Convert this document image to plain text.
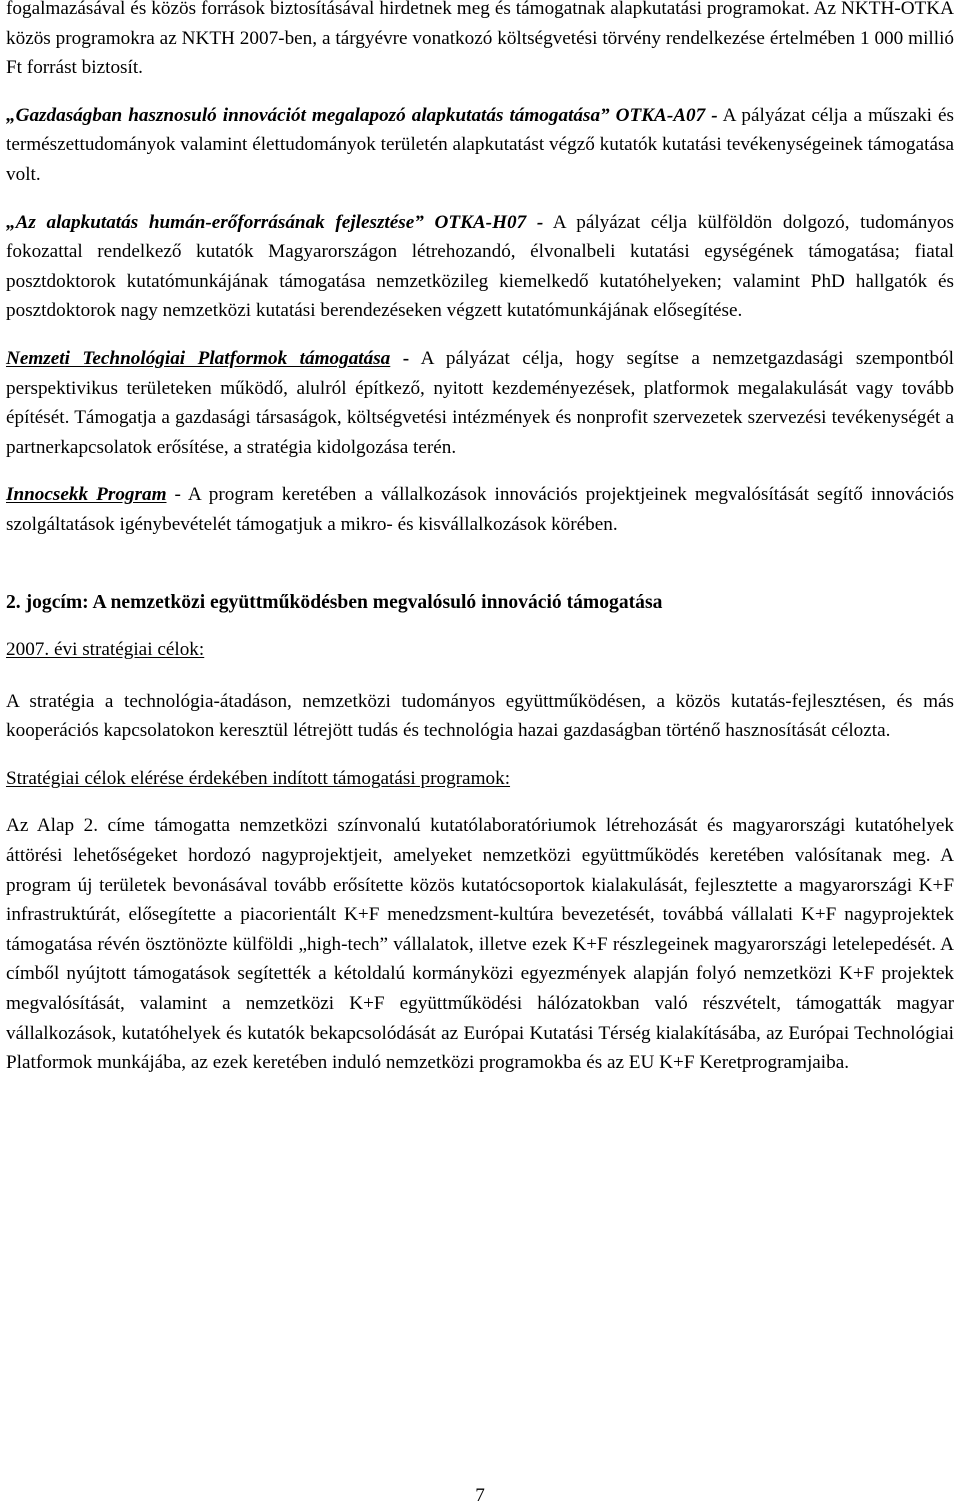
fogalmazásával és közös források biztosításával hirdetnek meg és támogatnak alapkutatási programokat. Az NKTH-OTKA közös programokra az NKTH 2007-ben, a tárgyévre vonatkozó költségvetési törvény rendelkezése értelmében 1 000 millió Ft forrást biztosít.

„Gazdaságban hasznosuló innovációt megalapozó alapkutatás támogatása” OTKA-A07 - A pályázat célja a műszaki és természettudományok valamint élettudományok területén alapkutatást végző kutatók kutatási tevékenységeinek támogatása volt.

„Az alapkutatás humán-erőforrásának fejlesztése” OTKA-H07 - A pályázat célja külföldön dolgozó, tudományos fokozattal rendelkező kutatók Magyarországon létrehozandó, élvonalbeli kutatási egységének támogatása; fiatal posztdoktorok kutatómunkájának támogatása nemzetközileg kiemelkedő kutatóhelyeken; valamint PhD hallgatók és posztdoktorok nagy nemzetközi kutatási berendezéseken végzett kutatómunkájának elősegítése.

Nemzeti Technológiai Platformok támogatása - A pályázat célja, hogy segítse a nemzetgazdasági szempontból perspektivikus területeken működő, alulról építkező, nyitott kezdeményezések, platformok megalakulását vagy tovább építését. Támogatja a gazdasági társaságok, költségvetési intézmények és nonprofit szervezetek szervezési tevékenységét a partnerkapcsolatok erősítése, a stratégia kidolgozása terén.

Innocsekk Program - A program keretében a vállalkozások innovációs projektjeinek megvalósítását segítő innovációs szolgáltatások igénybevételét támogatjuk a mikro- és kisvállalkozások körében.

2. jogcím: A nemzetközi együttműködésben megvalósuló innováció támogatása

2007. évi stratégiai célok:

A stratégia a technológia-átadáson, nemzetközi tudományos együttműködésen, a közös kutatás-fejlesztésen, és más kooperációs kapcsolatokon keresztül létrejött tudás és technológia hazai gazdaságban történő hasznosítását célozta.

Stratégiai célok elérése érdekében indított támogatási programok:

Az Alap 2. címe támogatta nemzetközi színvonalú kutatólaboratóriumok létrehozását és magyarországi kutatóhelyek áttörési lehetőségeket hordozó nagyprojektjeit, amelyeket nemzetközi együttműködés keretében valósítanak meg. A program új területek bevonásával tovább erősítette közös kutatócsoportok kialakulását, fejlesztette a magyarországi K+F infrastruktúrát, elősegítette a piacorientált K+F menedzsment-kultúra bevezetését, továbbá vállalati K+F nagyprojektek támogatása révén ösztönözte külföldi „high-tech” vállalatok, illetve ezek K+F részlegeinek magyarországi letelepedését. A címből nyújtott támogatások segítették a kétoldalú kormányközi egyezmények alapján folyó nemzetközi K+F projektek megvalósítását, valamint a nemzetközi K+F együttműködési hálózatokban való részvételt, támogatták magyar vállalkozások, kutatóhelyek és kutatók bekapcsolódását az Európai Kutatási Térség kialakításába, az Európai Technológiai Platformok munkájába, az ezek keretében induló nemzetközi programokba és az EU K+F Keretprogramjaiba.

7
